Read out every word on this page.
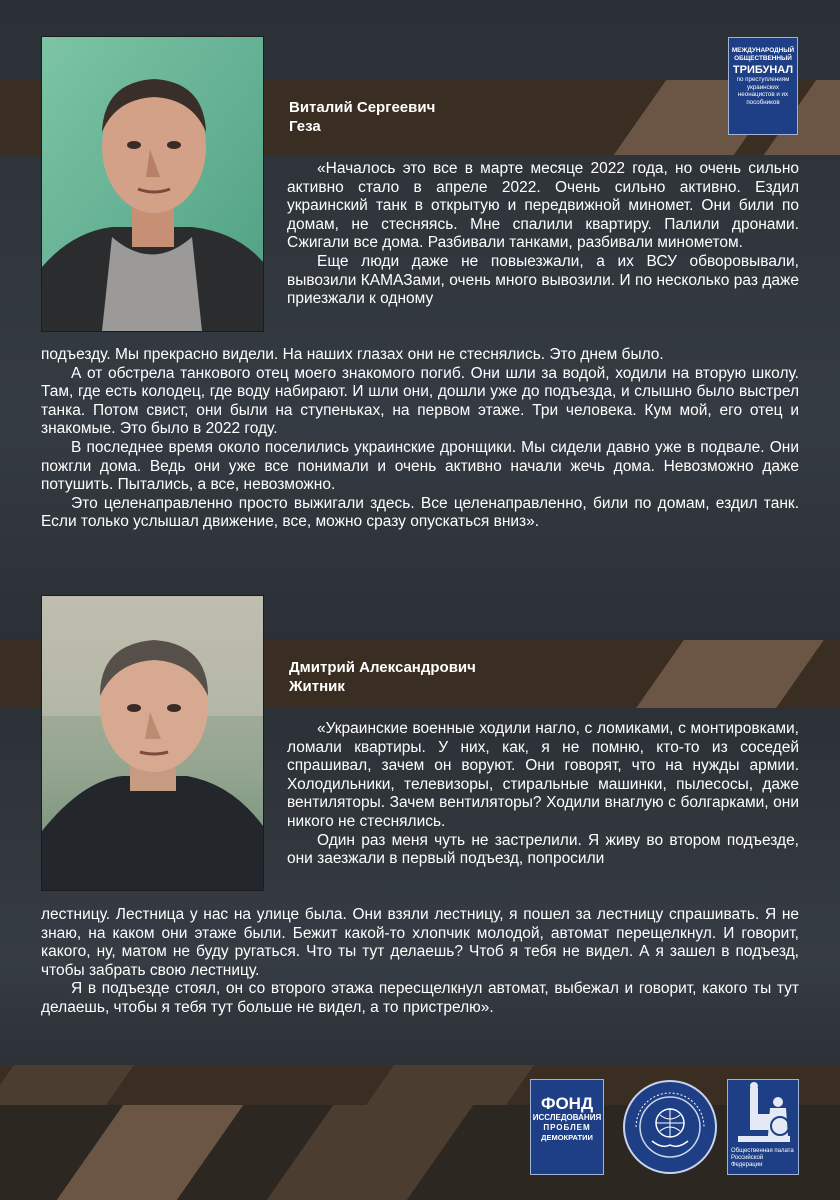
МЕЖДУНАРОДНЫЙ ОБЩЕСТВЕННЫЙ
ТРИБУНАЛ
по преступлениям украинских неонацистов и их пособников
Виталий Сергеевич
Геза

«Началось это все в марте месяце 2022 года, но очень сильно активно стало в апреле 2022. Очень сильно активно. Ездил украинский танк в открытую и передвижной миномет. Они били по домам, не стесняясь. Мне спалили квартиру. Палили дронами. Сжигали все дома. Разбивали танками, разбивали минометом.

Еще люди даже не повыезжали, а их ВСУ обворовывали, вывозили КАМАЗами, очень много вывозили. И по несколько раз даже приезжали к одному

подъезду. Мы прекрасно видели. На наших глазах они не стеснялись. Это днем было.

А от обстрела танкового отец моего знакомого погиб. Они шли за водой, ходили на вторую школу. Там, где есть колодец, где воду набирают. И шли они, дошли уже до подъезда, и слышно было выстрел танка. Потом свист, они были на ступеньках, на первом этаже. Три человека. Кум мой, его отец и знакомые. Это было в 2022 году.

В последнее время около поселились украинские дронщики. Мы сидели давно уже в подвале. Они пожгли дома. Ведь они уже все понимали и очень активно начали жечь дома. Невозможно даже потушить. Пытались, а все, невозможно.

Это целенаправленно просто выжигали здесь. Все целенаправленно, били по домам, ездил танк. Если только услышал движение, все, можно сразу опускаться вниз».

Дмитрий Александрович
Житник

«Украинские военные ходили нагло, с ломиками, с монтировками, ломали квартиры. У них, как, я не помню, кто-то из соседей спрашивал, зачем он воруют. Они говорят, что на нужды армии. Холодильники, телевизоры, стиральные машинки, пылесосы, даже вентиляторы. Зачем вентиляторы? Ходили внаглую с болгарками, они никого не стеснялись.

Один раз меня чуть не застрелили. Я живу во втором подъезде, они заезжали в первый подъезд, попросили

лестницу. Лестница у нас на улице была. Они взяли лестницу, я пошел за лестницу спрашивать. Я не знаю, на каком они этаже были. Бежит какой-то хлопчик молодой, автомат перещелкнул. И говорит, какого, ну, матом не буду ругаться. Что ты тут делаешь? Чтоб я тебя не видел. А я зашел в подъезд, чтобы забрать свою лестницу.

Я в подъезде стоял, он со второго этажа пересщелкнул автомат, выбежал и говорит, какого ты тут делаешь, чтобы я тебя тут больше не видел, а то пристрелю».

ФОНД
ИССЛЕДОВАНИЯ
ПРОБЛЕМ
ДЕМОКРАТИИ
Общественная палата Российской Федерации
